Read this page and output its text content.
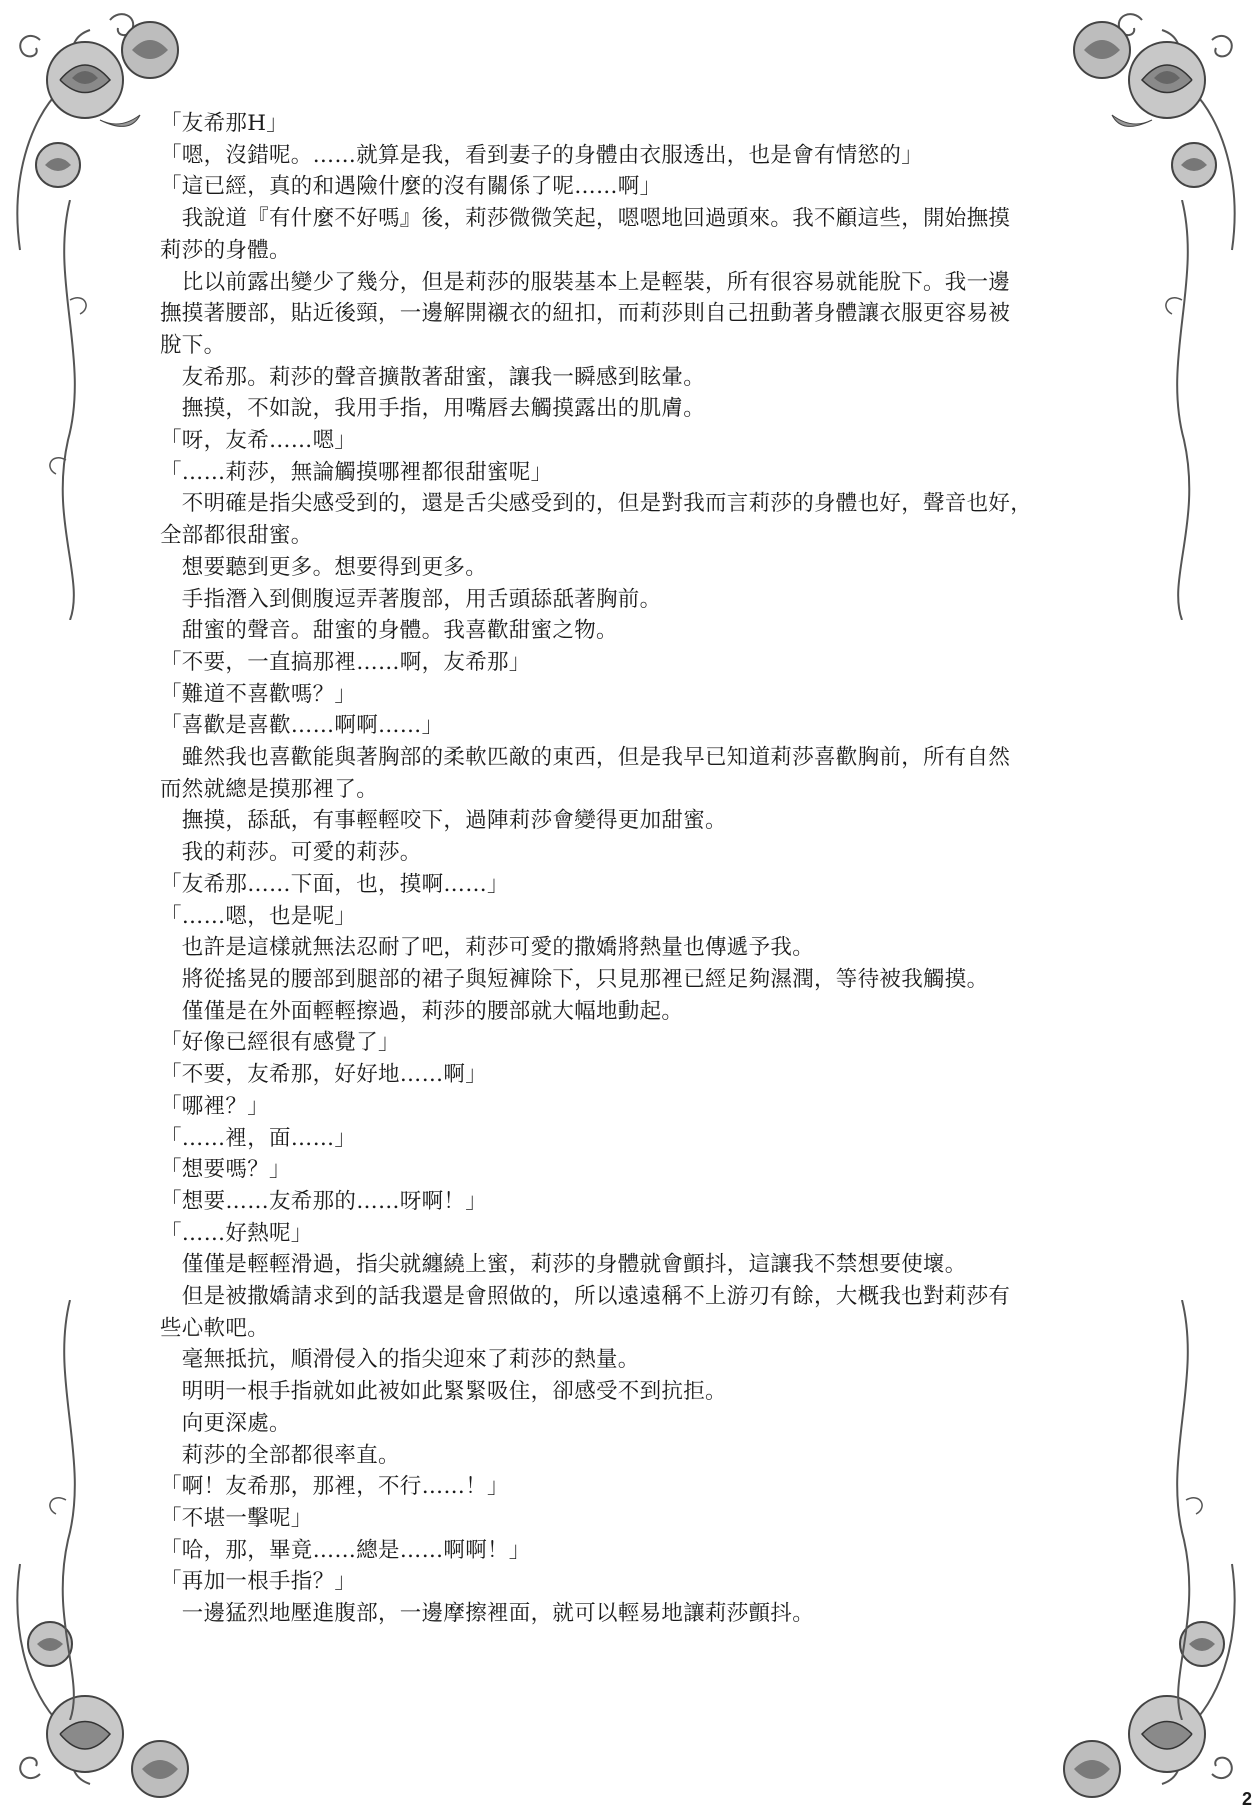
「友希那H」

「嗯，沒錯呢。……就算是我，看到妻子的身體由衣服透出，也是會有情慾的」

「這已經，真的和遇險什麼的沒有關係了呢……啊」

　我說道『有什麼不好嗎』後，莉莎微微笑起，嗯嗯地回過頭來。我不顧這些，開始撫摸

莉莎的身體。

　比以前露出變少了幾分，但是莉莎的服裝基本上是輕裝，所有很容易就能脫下。我一邊

撫摸著腰部，貼近後頸，一邊解開襯衣的紐扣，而莉莎則自己扭動著身體讓衣服更容易被

脫下。

　友希那。莉莎的聲音擴散著甜蜜，讓我一瞬感到眩暈。

　撫摸，不如說，我用手指，用嘴唇去觸摸露出的肌膚。

「呀，友希……嗯」

「……莉莎，無論觸摸哪裡都很甜蜜呢」

　不明確是指尖感受到的，還是舌尖感受到的，但是對我而言莉莎的身體也好，聲音也好，

全部都很甜蜜。

　想要聽到更多。想要得到更多。

　手指潛入到側腹逗弄著腹部，用舌頭舔舐著胸前。

　甜蜜的聲音。甜蜜的身體。我喜歡甜蜜之物。

「不要，一直搞那裡……啊，友希那」

「難道不喜歡嗎？」

「喜歡是喜歡……啊啊……」

　雖然我也喜歡能與著胸部的柔軟匹敵的東西，但是我早已知道莉莎喜歡胸前，所有自然

而然就總是摸那裡了。

　撫摸，舔舐，有事輕輕咬下，過陣莉莎會變得更加甜蜜。

　我的莉莎。可愛的莉莎。

「友希那……下面，也，摸啊……」

「……嗯，也是呢」

　也許是這樣就無法忍耐了吧，莉莎可愛的撒嬌將熱量也傳遞予我。

　將從搖晃的腰部到腿部的裙子與短褲除下，只見那裡已經足夠濕潤，等待被我觸摸。

　僅僅是在外面輕輕擦過，莉莎的腰部就大幅地動起。

「好像已經很有感覺了」

「不要，友希那，好好地……啊」

「哪裡？」

「……裡，面……」

「想要嗎？」

「想要……友希那的……呀啊！」

「……好熱呢」

　僅僅是輕輕滑過，指尖就纏繞上蜜，莉莎的身體就會顫抖，這讓我不禁想要使壞。

　但是被撒嬌請求到的話我還是會照做的，所以遠遠稱不上游刃有餘，大概我也對莉莎有

些心軟吧。

　毫無抵抗，順滑侵入的指尖迎來了莉莎的熱量。

　明明一根手指就如此被如此緊緊吸住，卻感受不到抗拒。

　向更深處。

　莉莎的全部都很率直。

「啊！友希那，那裡，不行……！」

「不堪一擊呢」

「哈，那，畢竟……總是……啊啊！」

「再加一根手指？」

　一邊猛烈地壓進腹部，一邊摩擦裡面，就可以輕易地讓莉莎顫抖。

2
